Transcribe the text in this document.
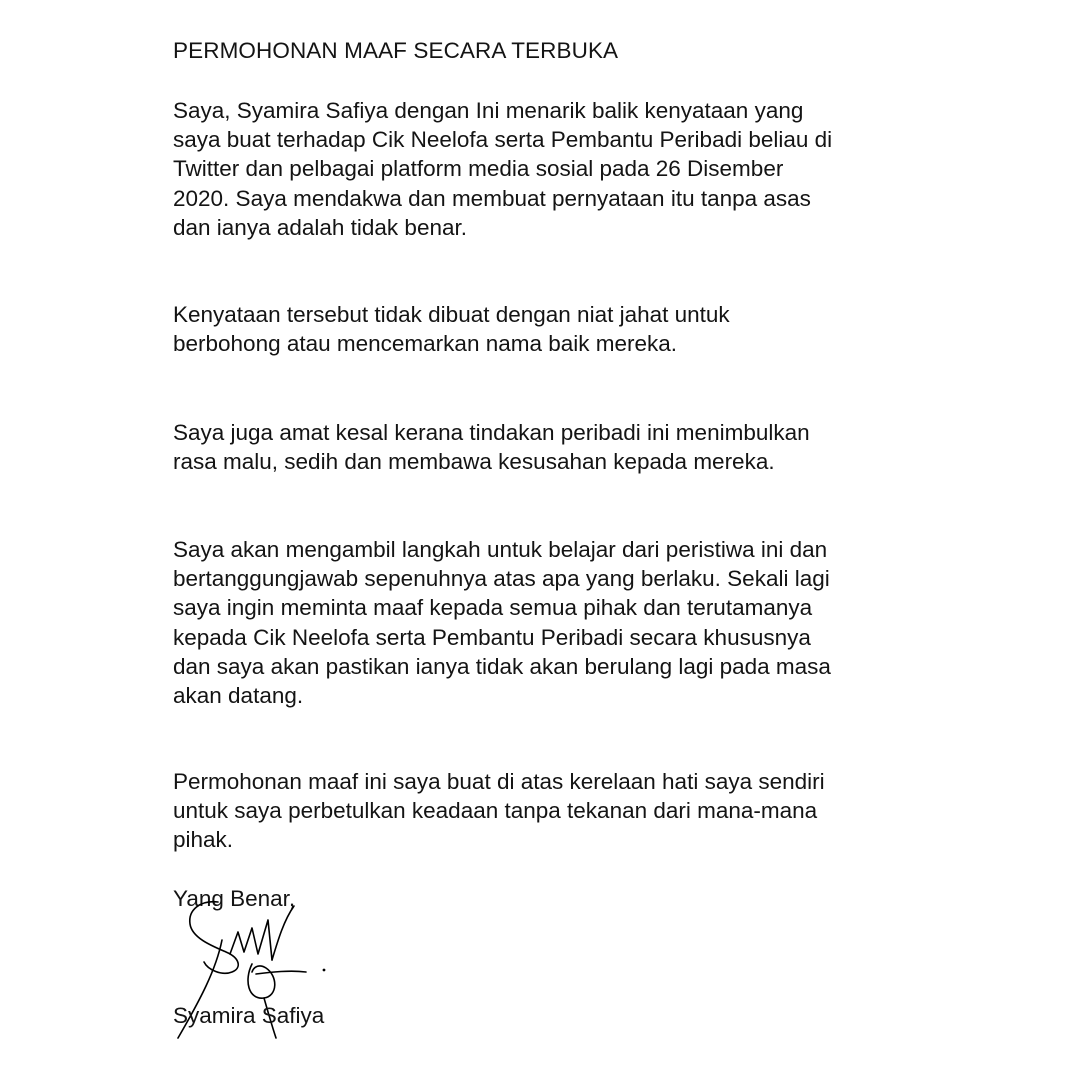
PERMOHONAN MAAF SECARA TERBUKA

Saya, Syamira Safiya dengan Ini menarik balik kenyataan yang
saya buat terhadap Cik Neelofa serta Pembantu Peribadi beliau di
Twitter dan pelbagai platform media sosial pada 26 Disember
2020. Saya mendakwa dan membuat pernyataan itu tanpa asas
dan ianya adalah tidak benar.

Kenyataan tersebut tidak dibuat dengan niat jahat untuk
berbohong atau mencemarkan nama baik mereka.

Saya juga amat kesal kerana tindakan peribadi ini menimbulkan
rasa malu, sedih dan membawa kesusahan kepada mereka.

Saya akan mengambil langkah untuk belajar dari peristiwa ini dan
bertanggungjawab sepenuhnya atas apa yang berlaku. Sekali lagi
saya ingin meminta maaf kepada semua pihak dan terutamanya
kepada Cik Neelofa serta Pembantu Peribadi secara khususnya
dan saya akan pastikan ianya tidak akan berulang lagi pada masa
akan datang.

Permohonan maaf ini saya buat di atas kerelaan hati saya sendiri
untuk saya perbetulkan keadaan tanpa tekanan dari mana-mana
pihak.

Yang Benar,

Syamira Safiya
